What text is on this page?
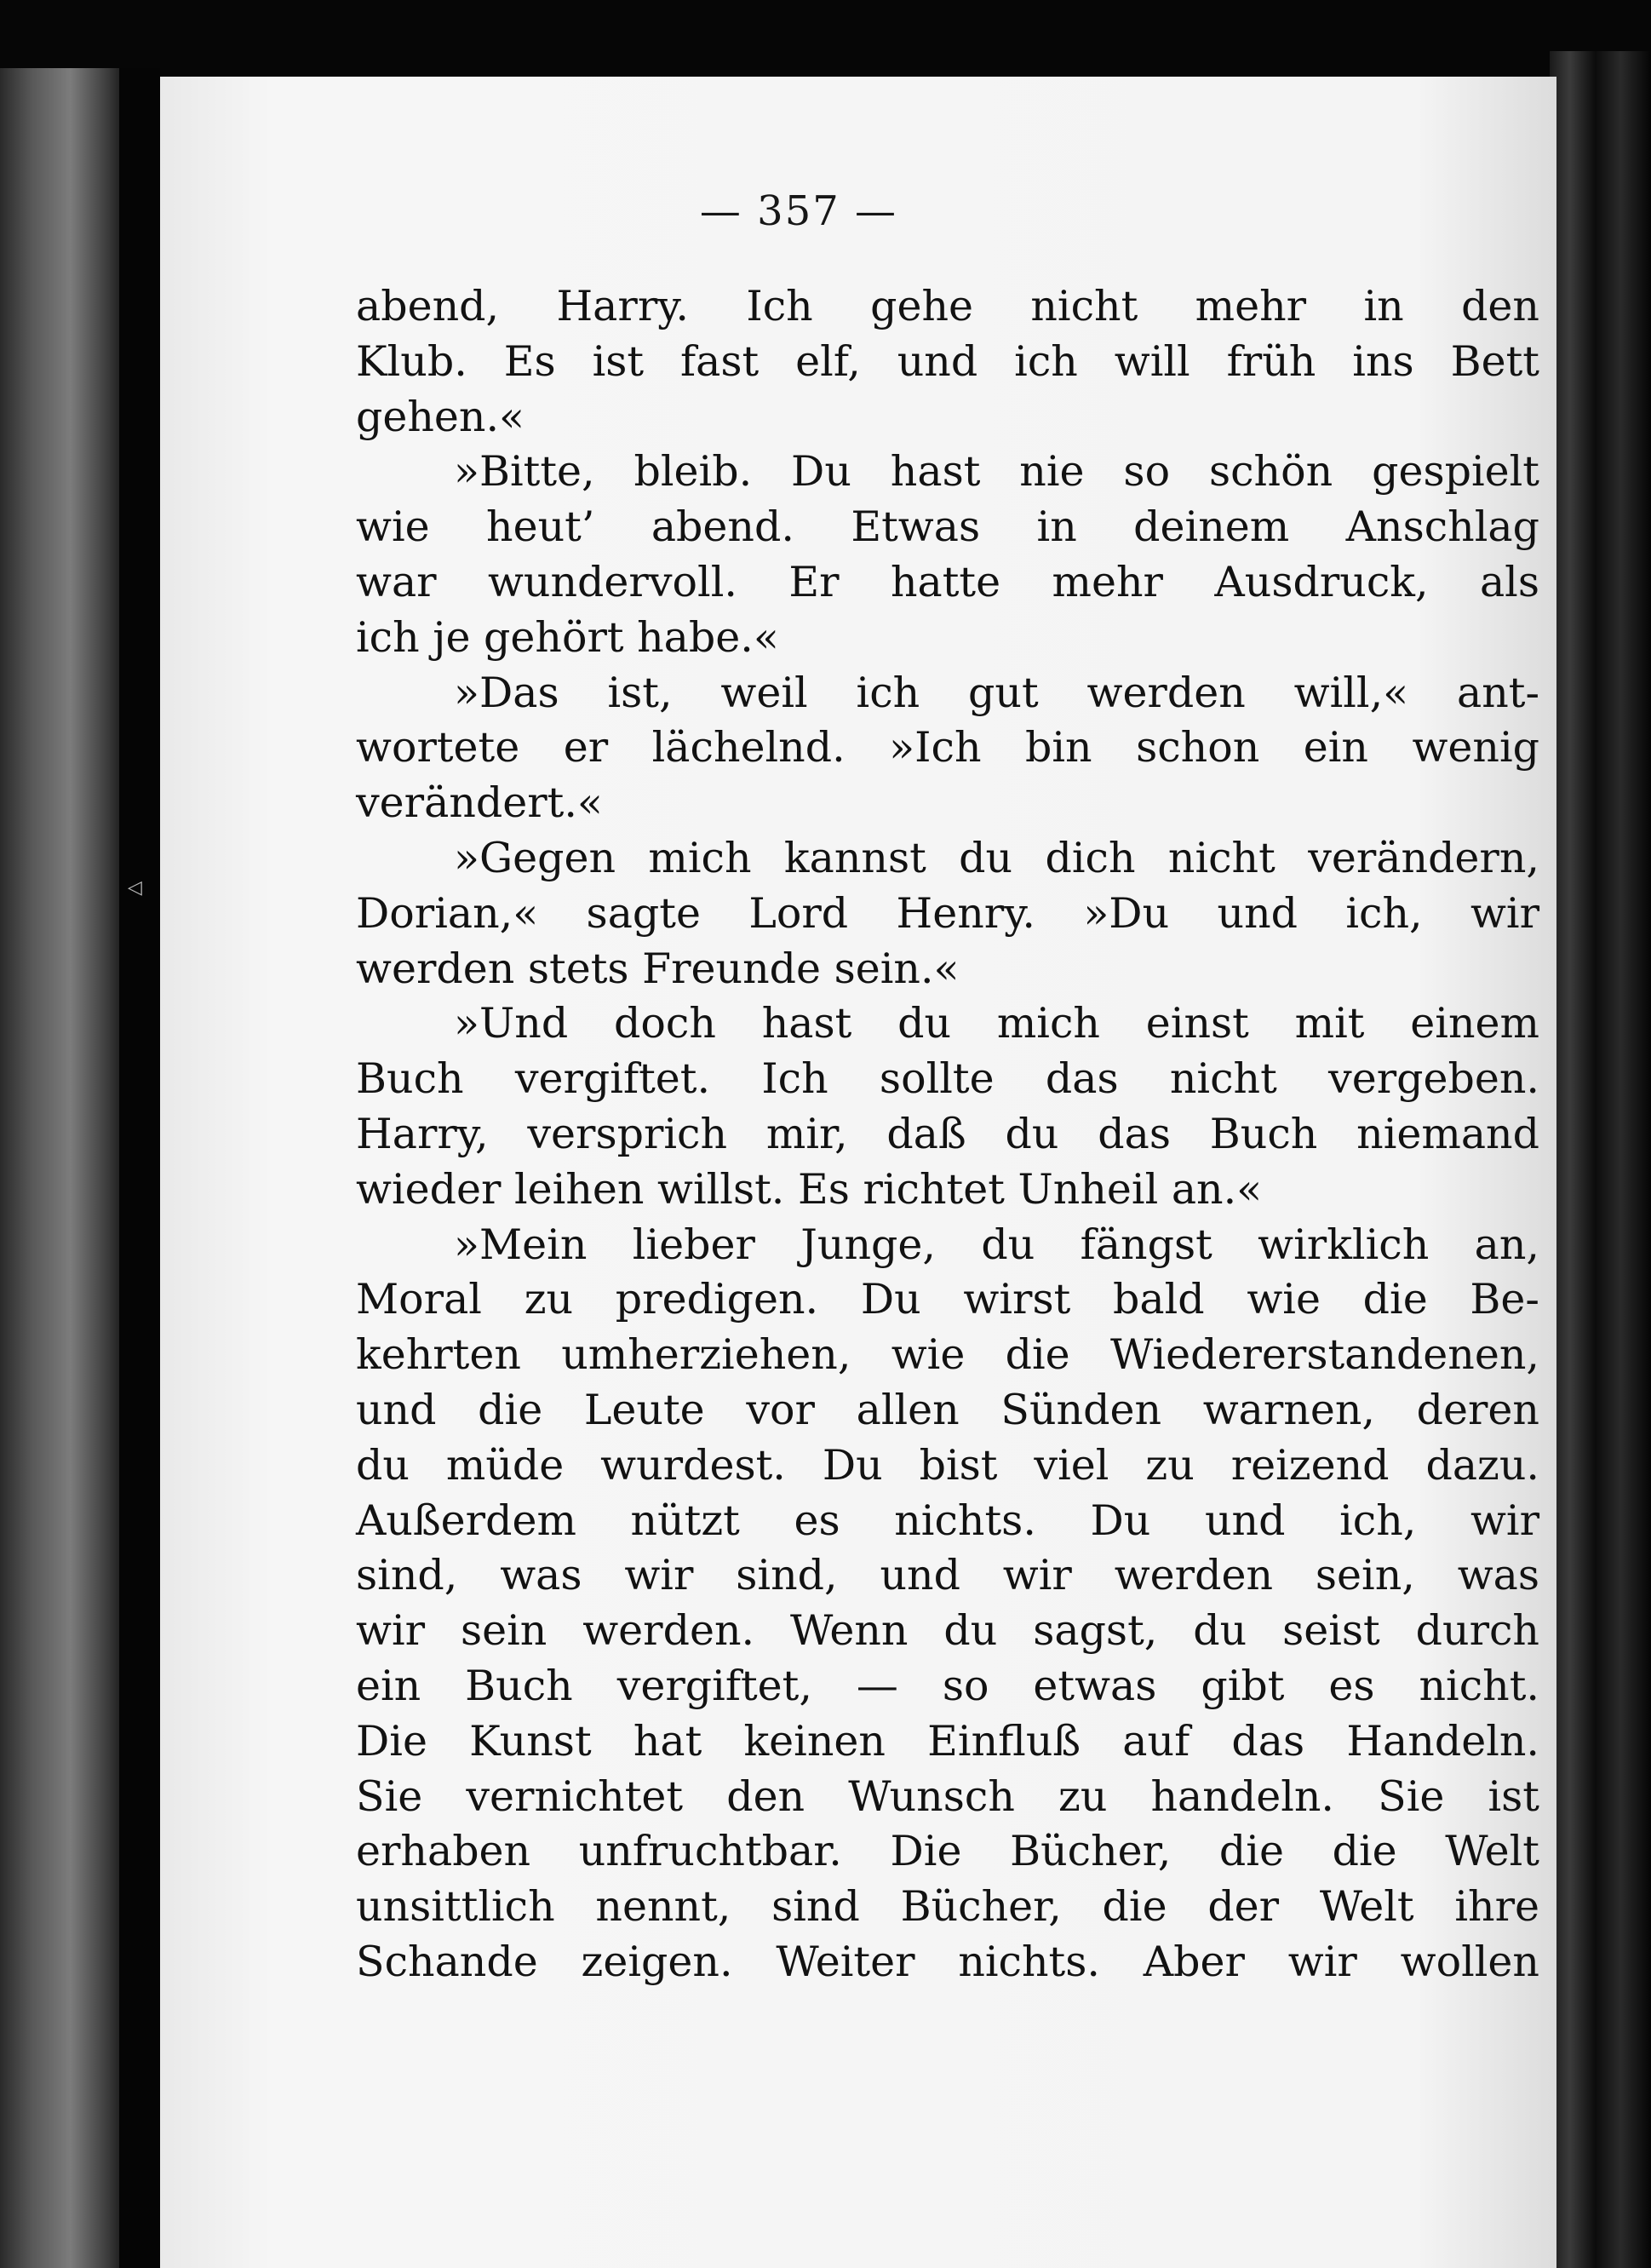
◁
— 357 —
abend, Harry. Ich gehe nicht mehr in den
Klub. Es ist fast elf, und ich will früh ins Bett
gehen.«
»Bitte, bleib. Du hast nie so schön gespielt
wie heut’ abend. Etwas in deinem Anschlag
war wundervoll. Er hatte mehr Ausdruck, als
ich je gehört habe.«
»Das ist, weil ich gut werden will,« ant-
wortete er lächelnd. »Ich bin schon ein wenig
verändert.«
»Gegen mich kannst du dich nicht verändern,
Dorian,« sagte Lord Henry. »Du und ich, wir
werden stets Freunde sein.«
»Und doch hast du mich einst mit einem
Buch vergiftet. Ich sollte das nicht vergeben.
Harry, versprich mir, daß du das Buch niemand
wieder leihen willst. Es richtet Unheil an.«
»Mein lieber Junge, du fängst wirklich an,
Moral zu predigen. Du wirst bald wie die Be-
kehrten umherziehen, wie die Wiedererstandenen,
und die Leute vor allen Sünden warnen, deren
du müde wurdest. Du bist viel zu reizend dazu.
Außerdem nützt es nichts. Du und ich, wir
sind, was wir sind, und wir werden sein, was
wir sein werden. Wenn du sagst, du seist durch
ein Buch vergiftet, — so etwas gibt es nicht.
Die Kunst hat keinen Einfluß auf das Handeln.
Sie vernichtet den Wunsch zu handeln. Sie ist
erhaben unfruchtbar. Die Bücher, die die Welt
unsittlich nennt, sind Bücher, die der Welt ihre
Schande zeigen. Weiter nichts. Aber wir wollen
